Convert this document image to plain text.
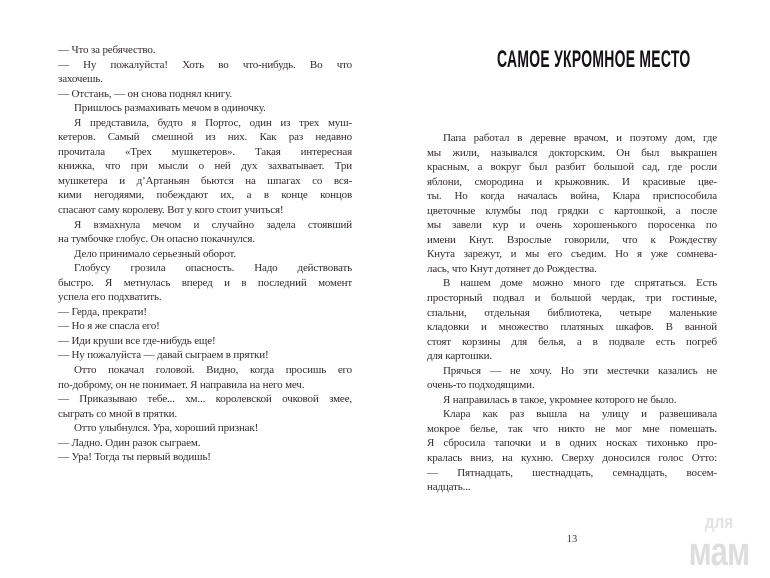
— Что за ребячество.
— Ну пожалуйста! Хоть во что-нибудь. Во что
захочешь.
— Отстань, — он снова поднял книгу.
Пришлось размахивать мечом в одиночку.
Я представила, будто я Портос, один из трех муш-
кетеров. Самый смешной из них. Как раз недавно
прочитала «Трех мушкетеров». Такая интересная
книжка, что при мысли о ней дух захватывает. Три
мушкетера и д’Артаньян бьются на шпагах со вся-
кими негодяями, побеждают их, а в конце концов
спасают саму королеву. Вот у кого стоит учиться!
Я взмахнула мечом и случайно задела стоявший
на тумбочке глобус. Он опасно покачнулся.
Дело принимало серьезный оборот.
Глобусу грозила опасность. Надо действовать
быстро. Я метнулась вперед и в последний момент
успела его подхватить.
— Герда, прекрати!
— Но я же спасла его!
— Иди круши все где-нибудь еще!
— Ну пожалуйста — давай сыграем в прятки!
Отто покачал головой. Видно, когда просишь его
по-доброму, он не понимает. Я направила на него меч.
— Приказываю тебе... хм... королевской очковой змее,
сыграть со мной в прятки.
Отто улыбнулся. Ура, хороший признак!
— Ладно. Один разок сыграем.
— Ура! Тогда ты первый водишь!
САМОЕ УКРОМНОЕ МЕСТО
Папа работал в деревне врачом, и поэтому дом, где
мы жили, назывался докторским. Он был выкрашен
красным, а вокруг был разбит большой сад, где росли
яблони, смородина и крыжовник. И красивые цве-
ты. Но когда началась война, Клара приспособила
цветочные клумбы под грядки с картошкой, а после
мы завели кур и очень хорошенького поросенка по
имени Кнут. Взрослые говорили, что к Рождеству
Кнута зарежут, и мы его съедим. Но я уже сомнева-
лась, что Кнут дотянет до Рождества.
В нашем доме можно много где спрятаться. Есть
просторный подвал и большой чердак, три гостиные,
спальни, отдельная библиотека, четыре маленькие
кладовки и множество платяных шкафов. В ванной
стоят корзины для белья, а в подвале есть погреб
для картошки.
Прячься — не хочу. Но эти местечки казались не
очень-то подходящими.
Я направилась в такое, укромнее которого не было.
Клара как раз вышла на улицу и развешивала
мокрое белье, так что никто не мог мне помешать.
Я сбросила тапочки и в одних носках тихонько про-
кралась вниз, на кухню. Сверху доносился голос Отто:
— Пятнадцать, шестнадцать, семнадцать, восем-
надцать...
13
для
мам
